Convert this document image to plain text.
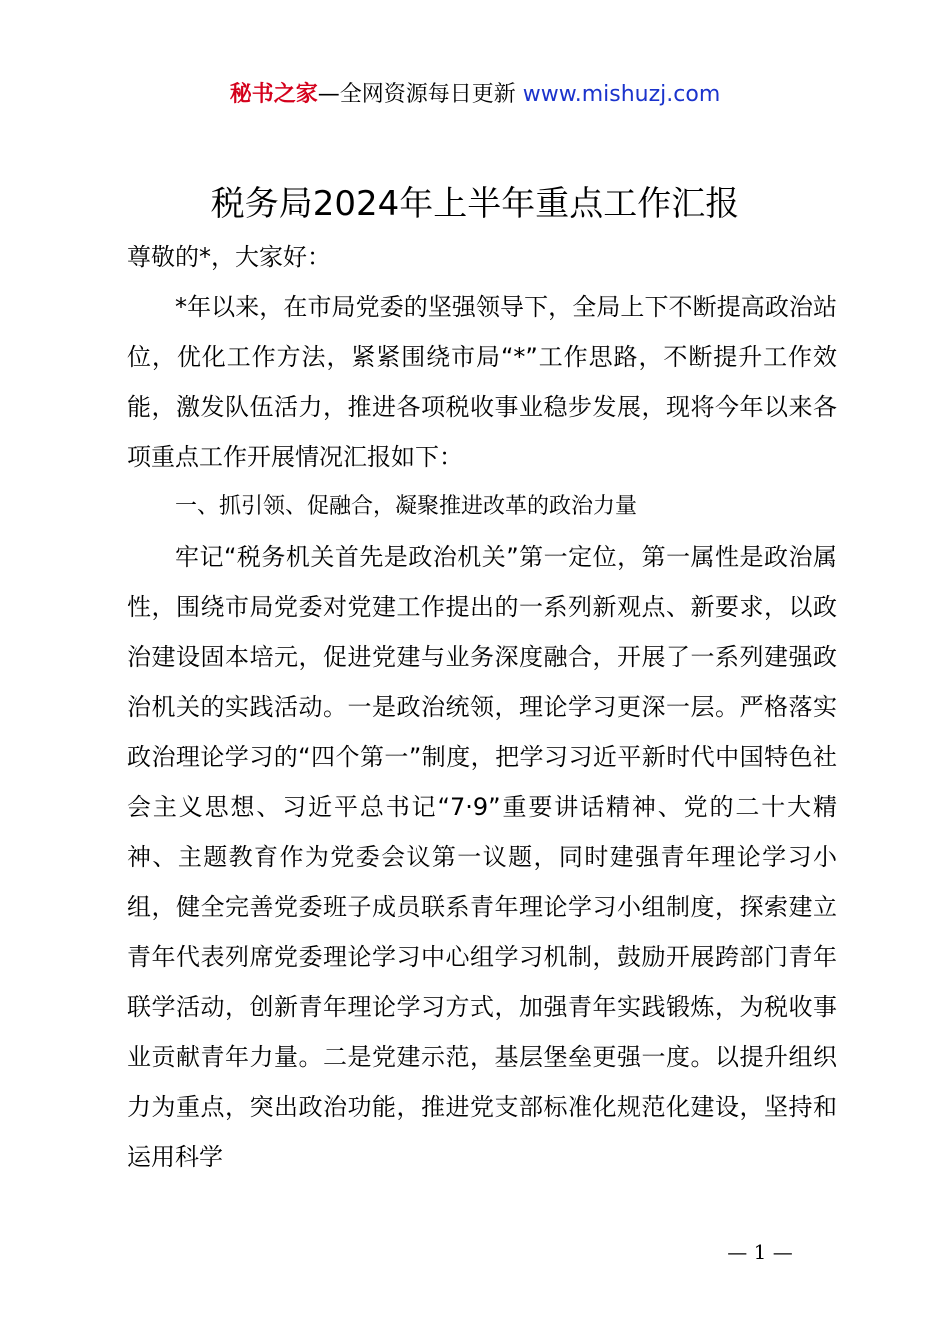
秘书之家—全网资源每日更新 www.mishuzj.com
税务局2024年上半年重点工作汇报

尊敬的*，大家好：

*年以来，在市局党委的坚强领导下，全局上下不断提高政治站位，优化工作方法，紧紧围绕市局“*”工作思路，不断提升工作效能，激发队伍活力，推进各项税收事业稳步发展，现将今年以来各项重点工作开展情况汇报如下：

一、抓引领、促融合，凝聚推进改革的政治力量

牢记“税务机关首先是政治机关”第一定位，第一属性是政治属性，围绕市局党委对党建工作提出的一系列新观点、新要求，以政治建设固本培元，促进党建与业务深度融合，开展了一系列建强政治机关的实践活动。一是政治统领，理论学习更深一层。严格落实政治理论学习的“四个第一”制度，把学习习近平新时代中国特色社会主义思想、习近平总书记“7·9”重要讲话精神、党的二十大精神、主题教育作为党委会议第一议题，同时建强青年理论学习小组，健全完善党委班子成员联系青年理论学习小组制度，探索建立青年代表列席党委理论学习中心组学习机制，鼓励开展跨部门青年联学活动，创新青年理论学习方式，加强青年实践锻炼，为税收事业贡献青年力量。二是党建示范，基层堡垒更强一度。以提升组织力为重点，突出政治功能，推进党支部标准化规范化建设，坚持和运用科学

— 1 —
